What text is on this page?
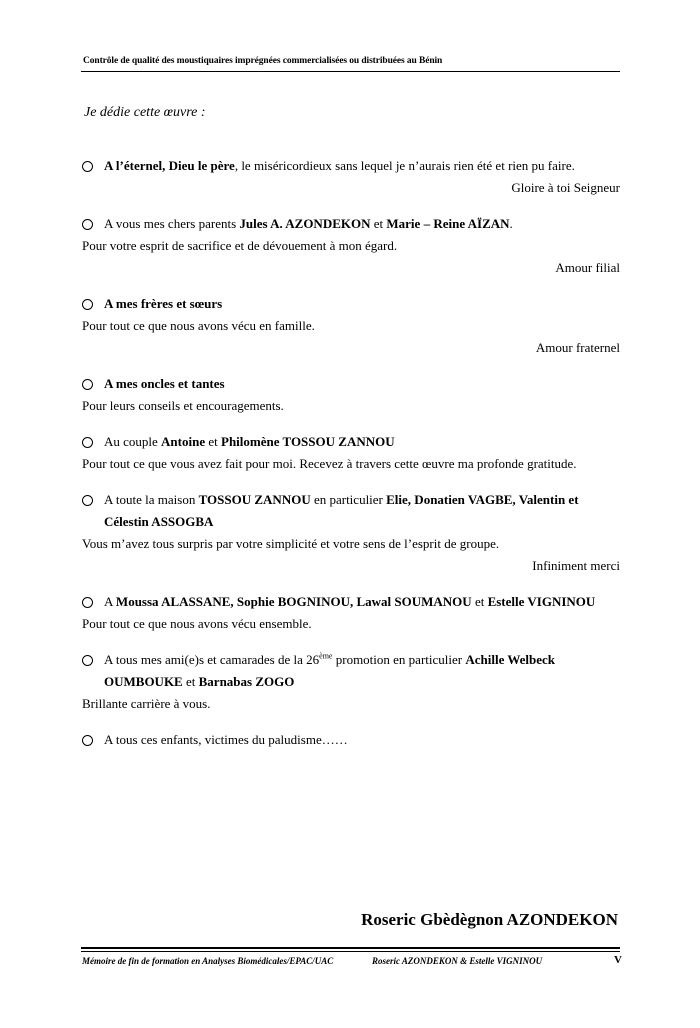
Contrôle de qualité des moustiquaires imprégnées commercialisées ou distribuées au Bénin
Je dédie cette œuvre :
A l’éternel, Dieu le père, le miséricordieux sans lequel je n’aurais rien été et rien pu faire.
Gloire à toi Seigneur
A vous mes chers parents Jules A. AZONDEKON et Marie – Reine AÏZAN.
Pour votre esprit de sacrifice et de dévouement à mon égard.
Amour filial
A mes frères et sœurs
Pour tout ce que nous avons vécu en famille.
Amour fraternel
A mes oncles et tantes
Pour leurs conseils et encouragements.
Au couple Antoine et Philomène TOSSOU ZANNOU
Pour tout ce que vous avez fait pour moi. Recevez à travers cette œuvre ma profonde gratitude.
A toute la maison TOSSOU ZANNOU en particulier Elie, Donatien VAGBE, Valentin et Célestin ASSOGBA
Vous m’avez tous surpris par votre simplicité et votre sens de l’esprit de groupe.
Infiniment merci
A Moussa ALASSANE, Sophie BOGNINOU, Lawal SOUMANOU et Estelle VIGNINOU
Pour tout ce que nous avons vécu ensemble.
A tous mes ami(e)s et camarades de la 26ème promotion en particulier Achille Welbeck OUMBOUKE et Barnabas ZOGO
Brillante carrière à vous.
A tous ces enfants, victimes du paludisme……
Roseric Gbèdègnon AZONDEKON
Mémoire de fin de formation en Analyses Biomédicales/EPAC/UAC	Roseric AZONDEKON & Estelle VIGNINOU	V
